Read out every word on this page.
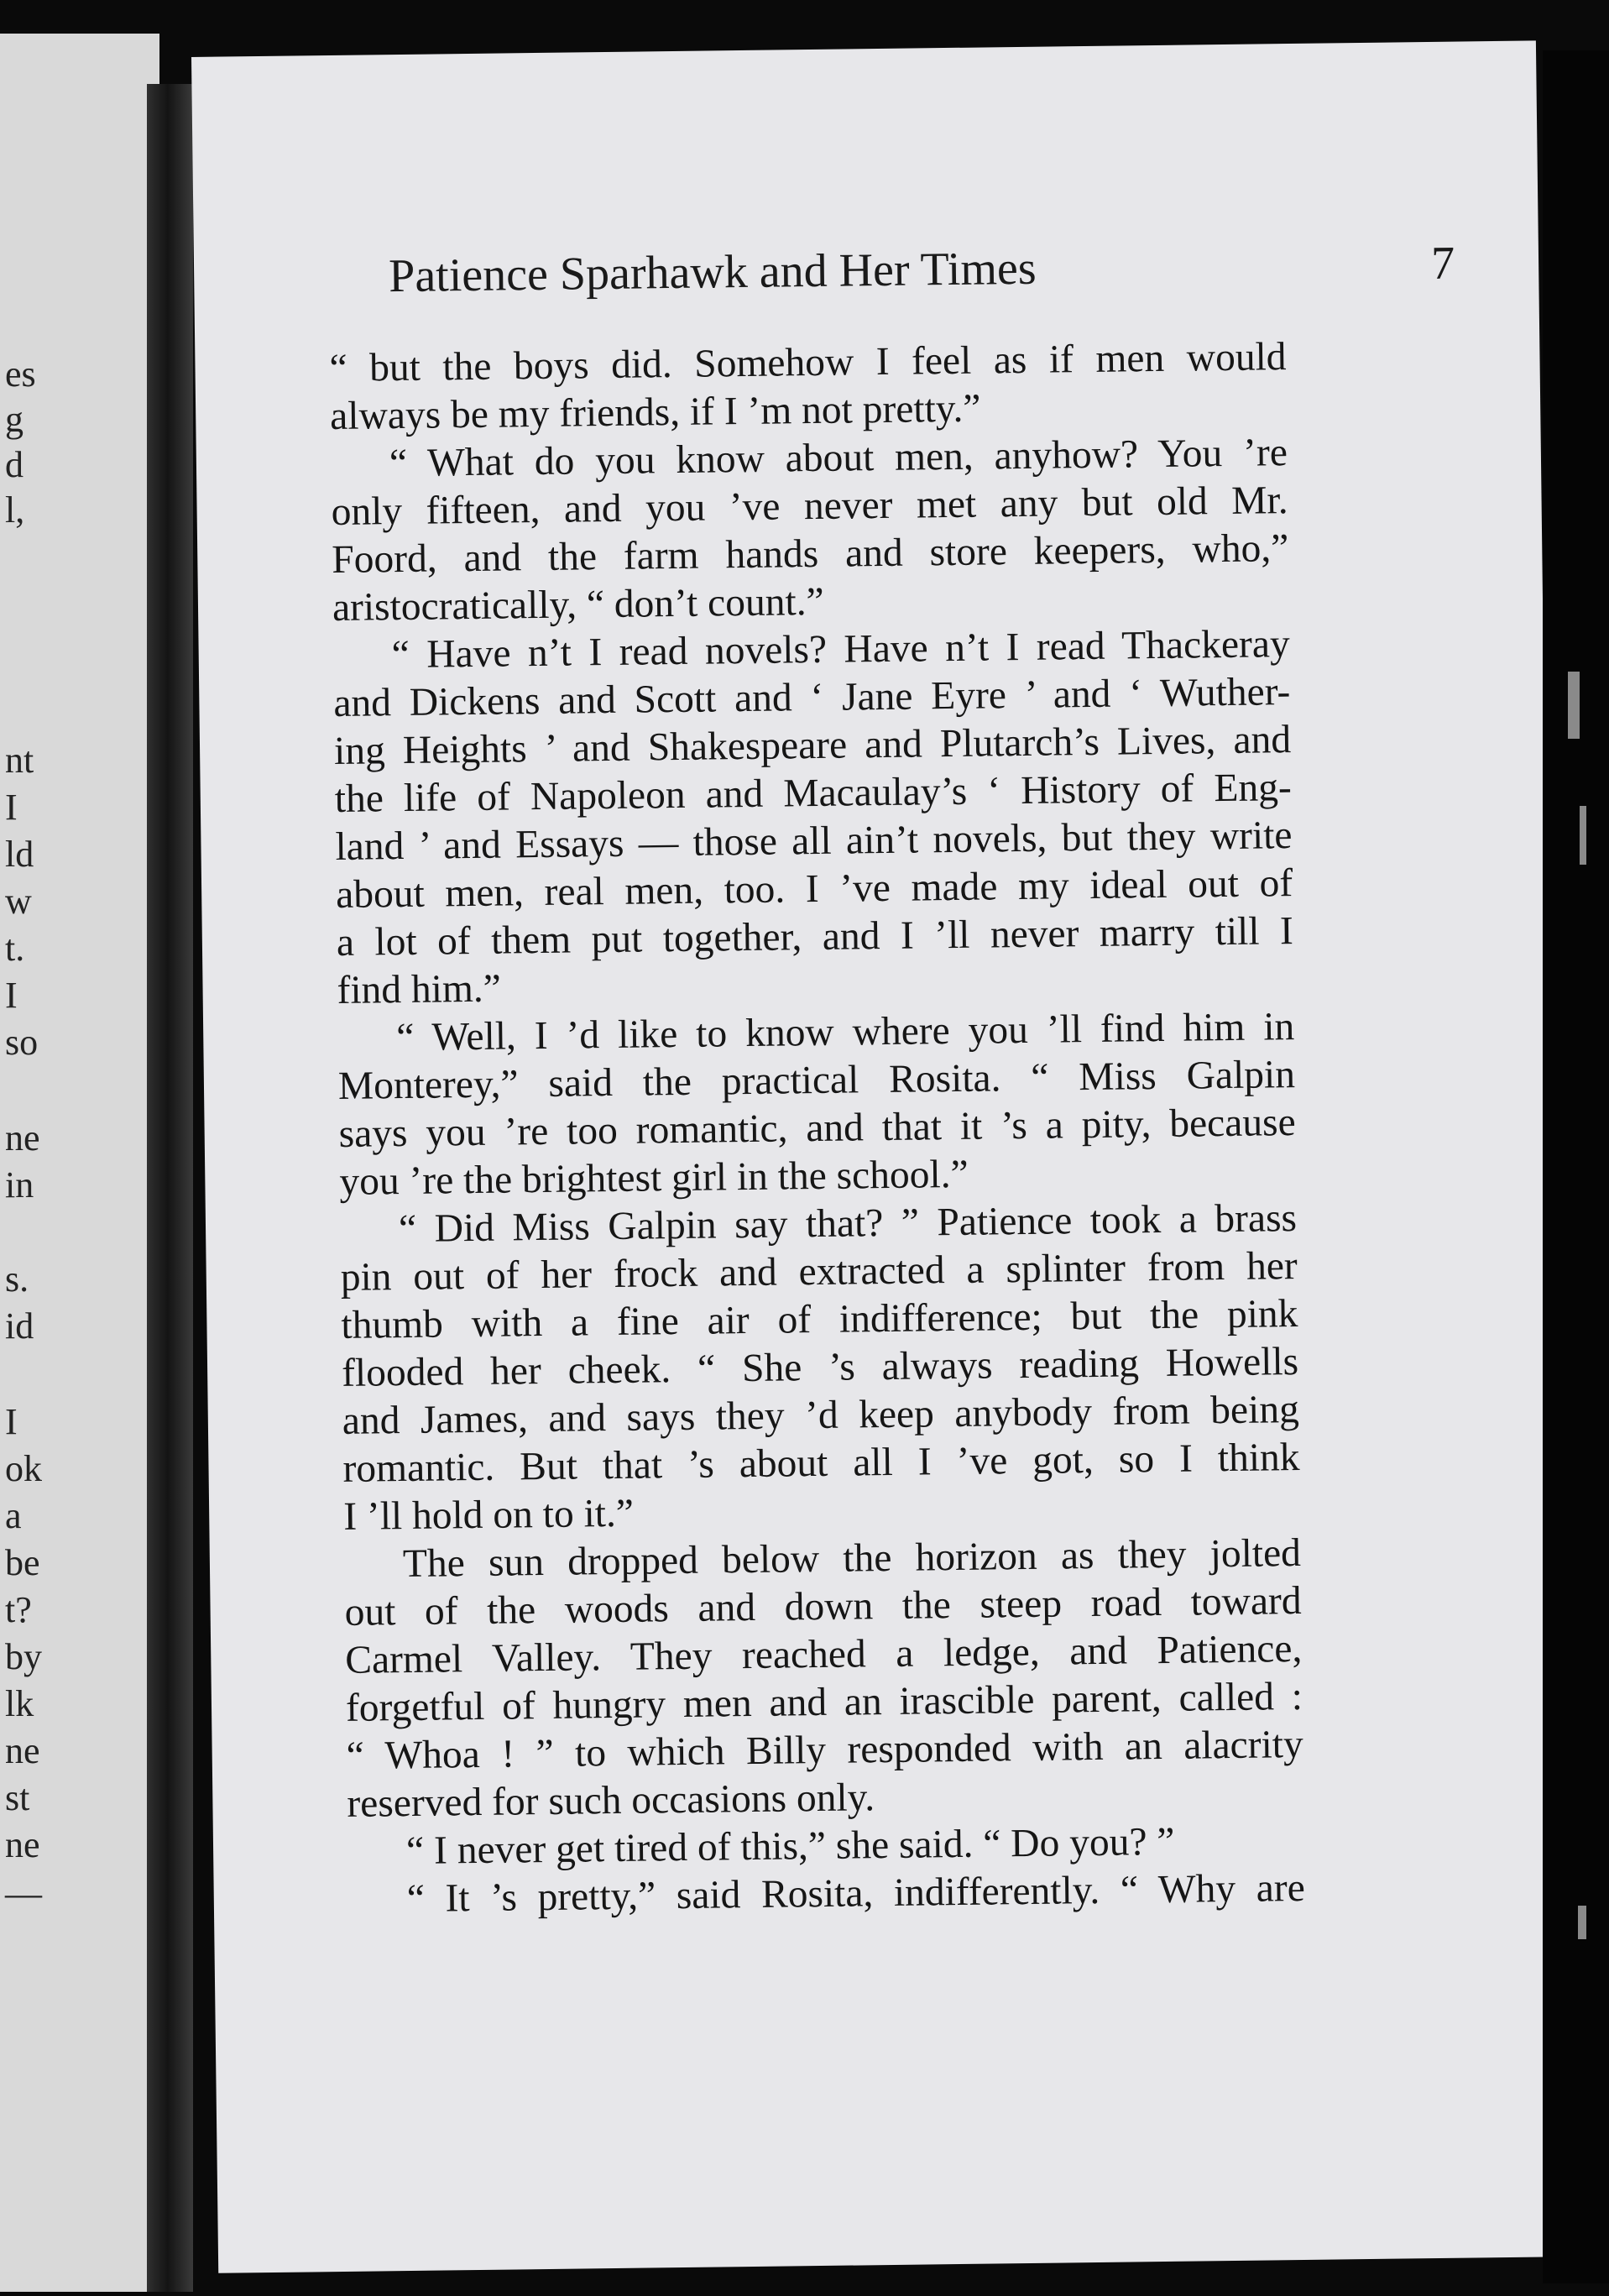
es
g
d
l,
nt
I
ld
w
t.
I
so
ne
in
s.
id
I
ok
a
be
t?
by
lk
ne
st
ne
—
Patience Sparhawk and Her Times	7
“ but the boys did. Somehow I feel as if men would
always be my friends, if I ’m not pretty.”
“ What do you know about men, anyhow? You ’re
only fifteen, and you ’ve never met any but old Mr.
Foord, and the farm hands and store keepers, who,”
aristocratically, “ don’t count.”
“ Have n’t I read novels? Have n’t I read Thackeray
and Dickens and Scott and ‘ Jane Eyre ’ and ‘ Wuther-
ing Heights ’ and Shakespeare and Plutarch’s Lives, and
the life of Napoleon and Macaulay’s ‘ History of Eng-
land ’ and Essays — those all ain’t novels, but they write
about men, real men, too. I ’ve made my ideal out of
a lot of them put together, and I ’ll never marry till I
find him.”
“ Well, I ’d like to know where you ’ll find him in
Monterey,” said the practical Rosita. “ Miss Galpin
says you ’re too romantic, and that it ’s a pity, because
you ’re the brightest girl in the school.”
“ Did Miss Galpin say that? ” Patience took a brass
pin out of her frock and extracted a splinter from her
thumb with a fine air of indifference; but the pink
flooded her cheek. “ She ’s always reading Howells
and James, and says they ’d keep anybody from being
romantic. But that ’s about all I ’ve got, so I think
I ’ll hold on to it.”
The sun dropped below the horizon as they jolted
out of the woods and down the steep road toward
Carmel Valley. They reached a ledge, and Patience,
forgetful of hungry men and an irascible parent, called :
“ Whoa ! ” to which Billy responded with an alacrity
reserved for such occasions only.
“ I never get tired of this,” she said. “ Do you? ”
“ It ’s pretty,” said Rosita, indifferently. “ Why are
